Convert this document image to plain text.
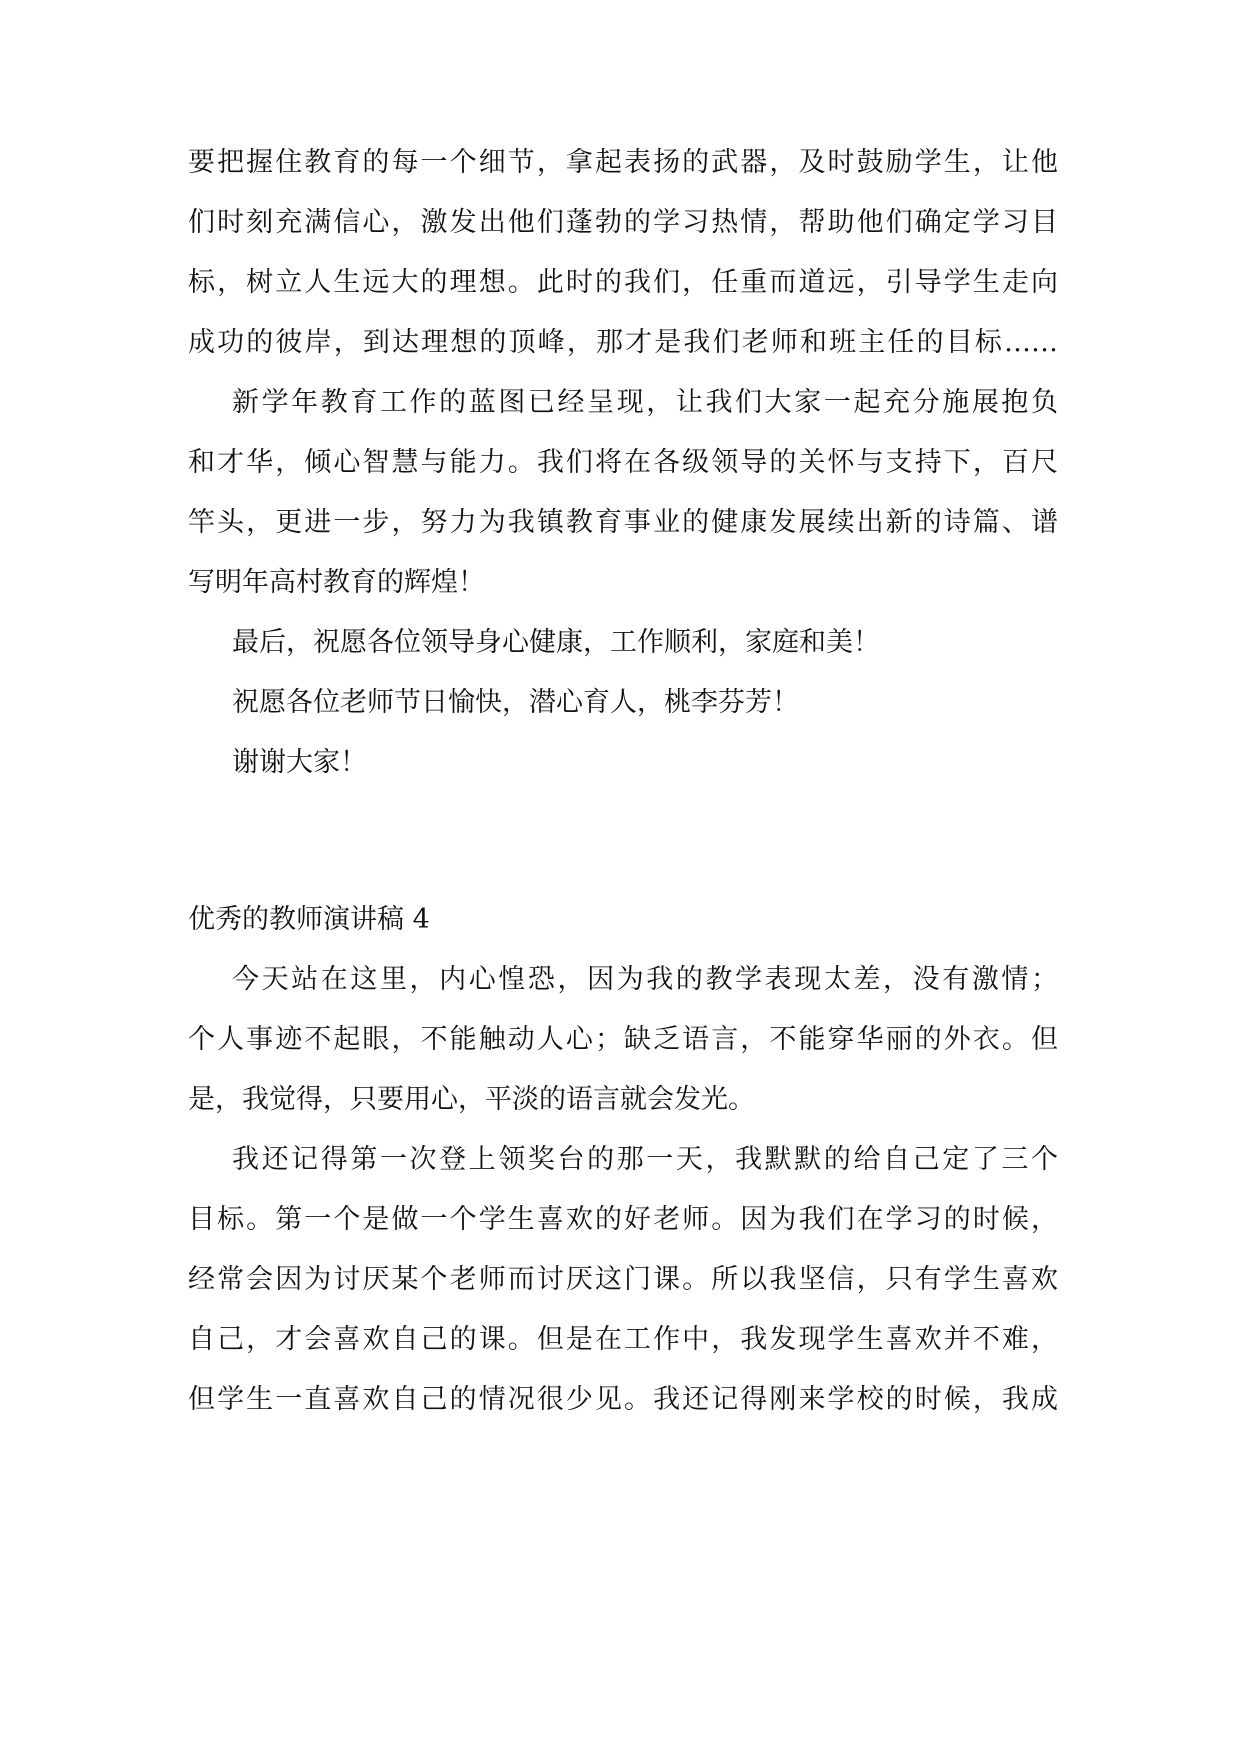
要把握住教育的每一个细节，拿起表扬的武器，及时鼓励学生，让他
们时刻充满信心，激发出他们蓬勃的学习热情，帮助他们确定学习目
标，树立人生远大的理想。此时的我们，任重而道远，引导学生走向
成功的彼岸，到达理想的顶峰，那才是我们老师和班主任的目标……
新学年教育工作的蓝图已经呈现，让我们大家一起充分施展抱负
和才华，倾心智慧与能力。我们将在各级领导的关怀与支持下，百尺
竿头，更进一步，努力为我镇教育事业的健康发展续出新的诗篇、谱
写明年高村教育的辉煌！
最后，祝愿各位领导身心健康，工作顺利，家庭和美！
祝愿各位老师节日愉快，潜心育人，桃李芬芳！
谢谢大家！
优秀的教师演讲稿 4
今天站在这里，内心惶恐，因为我的教学表现太差，没有激情；
个人事迹不起眼，不能触动人心；缺乏语言，不能穿华丽的外衣。但
是，我觉得，只要用心，平淡的语言就会发光。
我还记得第一次登上领奖台的那一天，我默默的给自己定了三个
目标。第一个是做一个学生喜欢的好老师。因为我们在学习的时候，
经常会因为讨厌某个老师而讨厌这门课。所以我坚信，只有学生喜欢
自己，才会喜欢自己的课。但是在工作中，我发现学生喜欢并不难，
但学生一直喜欢自己的情况很少见。我还记得刚来学校的时候，我成
